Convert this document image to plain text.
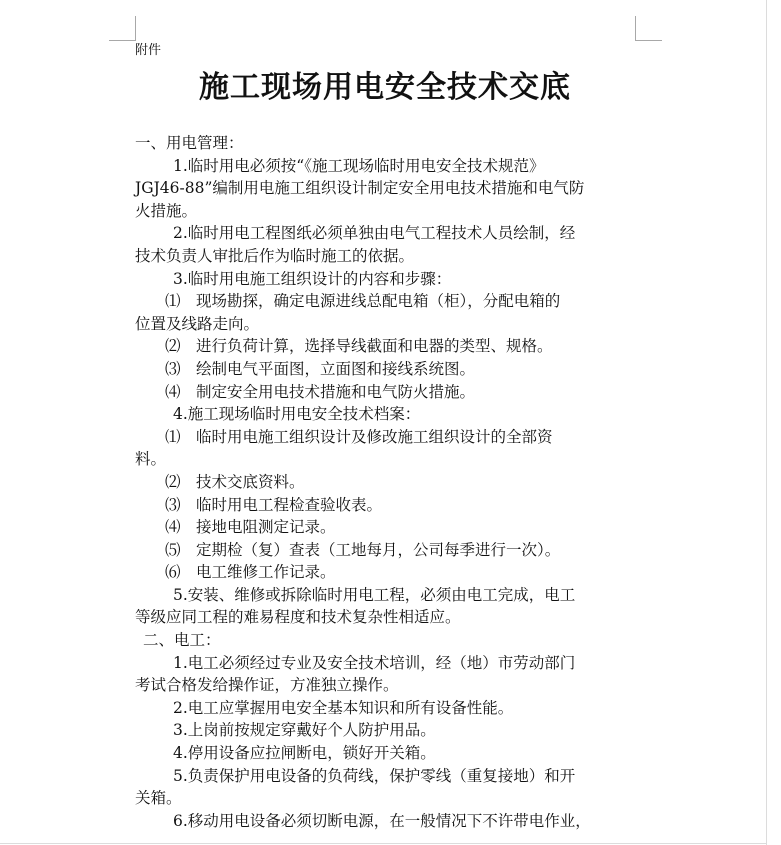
附件
施工现场用电安全技术交底

一、用电管理：

1.临时用电必须按“《施工现场临时用电安全技术规范》

JGJ46-88”编制用电施工组织设计制定安全用电技术措施和电气防

火措施。

2.临时用电工程图纸必须单独由电气工程技术人员绘制，经

技术负责人审批后作为临时施工的依据。

3.临时用电施工组织设计的内容和步骤：

⑴　现场勘探，确定电源进线总配电箱（柜），分配电箱的

位置及线路走向。

⑵　进行负荷计算，选择导线截面和电器的类型、规格。

⑶　绘制电气平面图，立面图和接线系统图。

⑷　制定安全用电技术措施和电气防火措施。

4.施工现场临时用电安全技术档案：

⑴　临时用电施工组织设计及修改施工组织设计的全部资

料。

⑵　技术交底资料。

⑶　临时用电工程检查验收表。

⑷　接地电阻测定记录。

⑸　定期检（复）查表（工地每月，公司每季进行一次）。

⑹　电工维修工作记录。

5.安装、维修或拆除临时用电工程，必须由电工完成，电工

等级应同工程的难易程度和技术复杂性相适应。

二、电工：

1.电工必须经过专业及安全技术培训，经（地）市劳动部门

考试合格发给操作证，方准独立操作。

2.电工应掌握用电安全基本知识和所有设备性能。

3.上岗前按规定穿戴好个人防护用品。

4.停用设备应拉闸断电，锁好开关箱。

5.负责保护用电设备的负荷线，保护零线（重复接地）和开

关箱。

6.移动用电设备必须切断电源，在一般情况下不许带电作业，
